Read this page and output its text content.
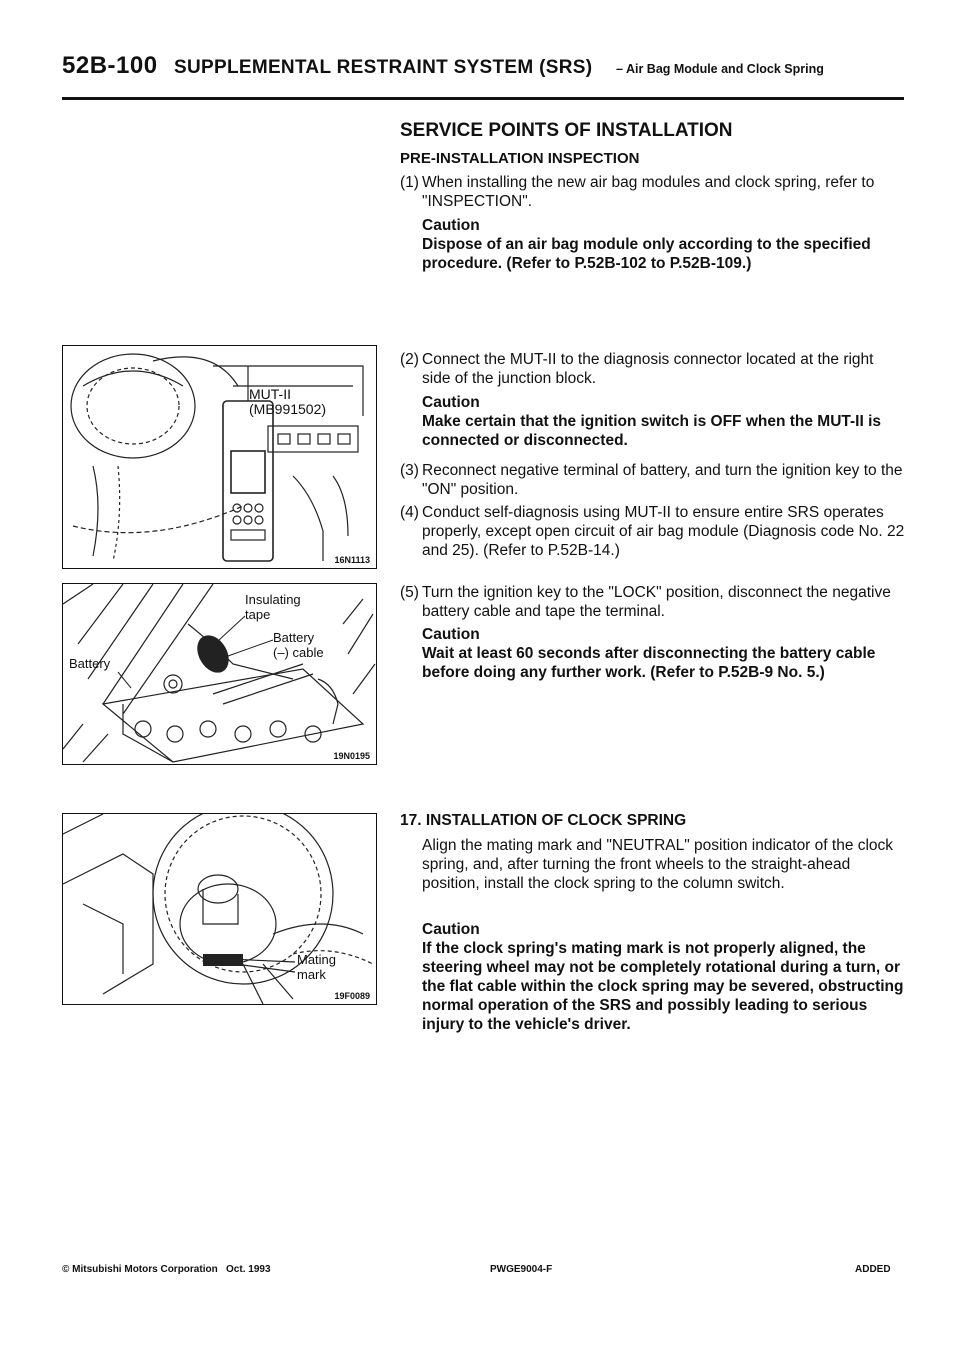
52B-100 SUPPLEMENTAL RESTRAINT SYSTEM (SRS) – Air Bag Module and Clock Spring
MUT-II
(MB991502)
16N1113
Insulating tape
Battery (–) cable
Battery
19N0195
Mating mark
19F0089
SERVICE POINTS OF INSTALLATION
PRE-INSTALLATION INSPECTION
(1) When installing the new air bag modules and clock spring, refer to "INSPECTION".
Caution
Dispose of an air bag module only according to the specified procedure. (Refer to P.52B-102 to P.52B-109.)
(2) Connect the MUT-II to the diagnosis connector located at the right side of the junction block.
Caution
Make certain that the ignition switch is OFF when the MUT-II is connected or disconnected.
(3) Reconnect negative terminal of battery, and turn the ignition key to the "ON" position.
(4) Conduct self-diagnosis using MUT-II to ensure entire SRS operates properly, except open circuit of air bag module (Diagnosis code No. 22 and 25). (Refer to P.52B-14.)
(5) Turn the ignition key to the "LOCK" position, disconnect the negative battery cable and tape the terminal.
Caution
Wait at least 60 seconds after disconnecting the battery cable before doing any further work. (Refer to P.52B-9 No. 5.)
17. INSTALLATION OF CLOCK SPRING
Align the mating mark and "NEUTRAL" position indicator of the clock spring, and, after turning the front wheels to the straight-ahead position, install the clock spring to the column switch.
Caution
If the clock spring's mating mark is not properly aligned, the steering wheel may not be completely rotational during a turn, or the flat cable within the clock spring may be severed, obstructing normal operation of the SRS and possibly leading to serious injury to the vehicle's driver.
© Mitsubishi Motors Corporation   Oct. 1993	PWGE9004-F	ADDED
